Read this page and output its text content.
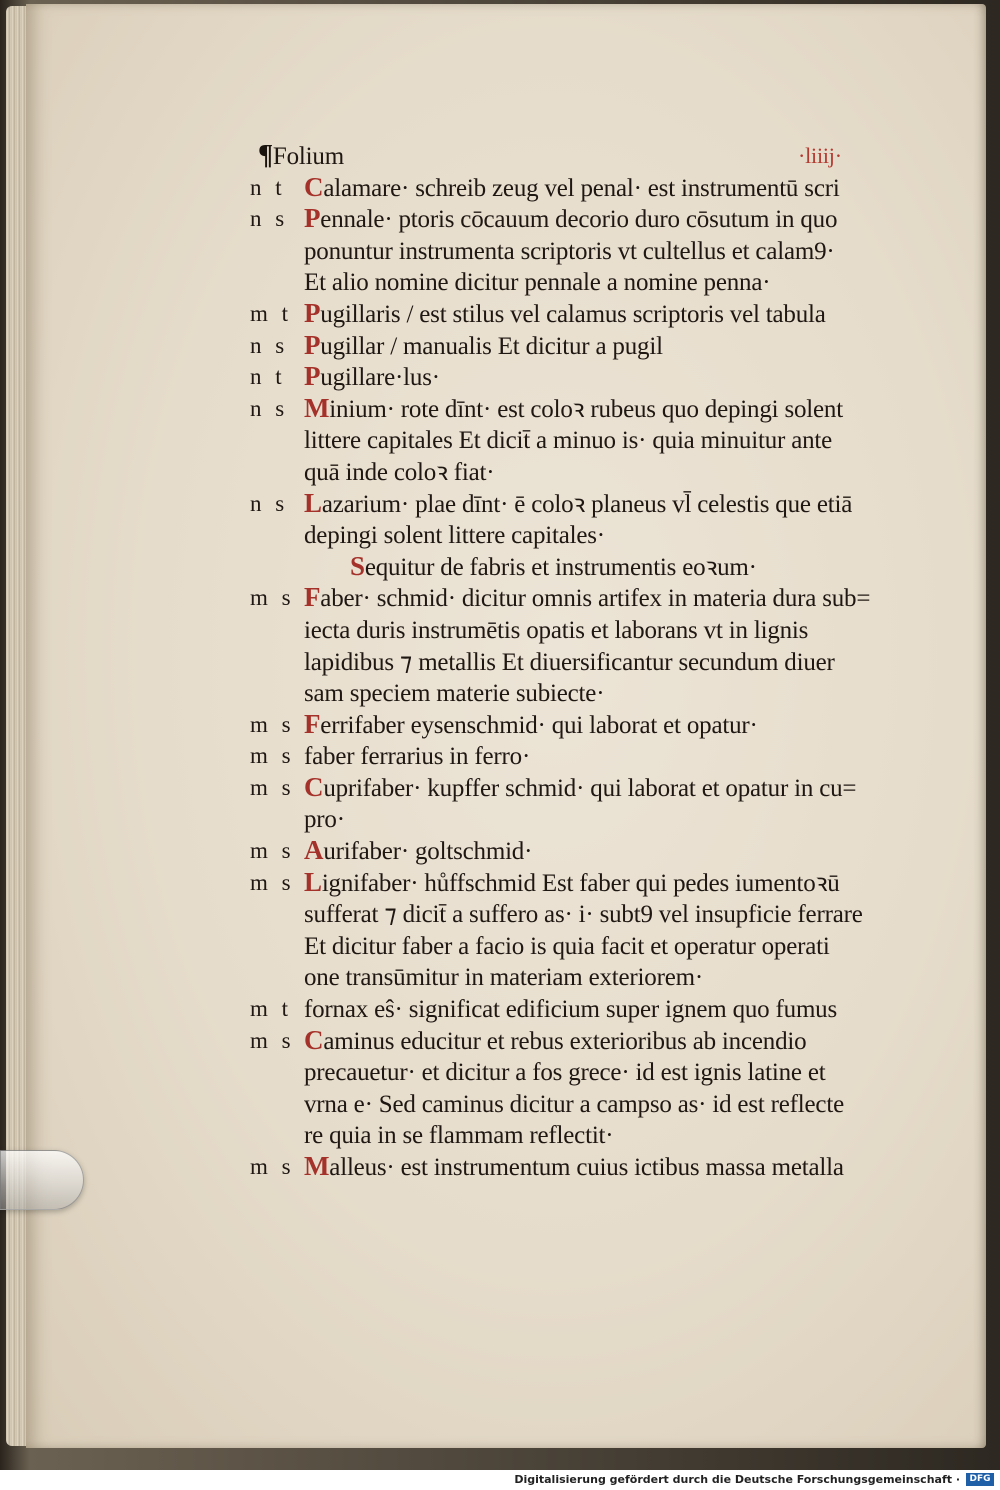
¶Folium	·liiij·
n t Calamare· schreib zeug vel penal· est instrumentū scri
n s Pennale· ptoris cōcauum decorio duro cōsutum in quo
ponuntur instrumenta scriptoris vt cultellus et calam9·
Et alio nomine dicitur pennale a nomine penna·
m t Pugillaris / est stilus vel calamus scriptoris vel tabula
n s Pugillar / manualis Et dicitur a pugil
n t Pugillare·lus·
n s Minium· rote dīnt· est coloꝛ rubeus quo depingi solent
littere capitales Et dicit̄ a minuo is· quia minuitur ante
quā inde coloꝛ fiat·
n s Lazarium· plae dīnt· ē coloꝛ planeus vl̄ celestis que etiā
depingi solent littere capitales·
Sequitur de fabris et instrumentis eoꝛum·
m s Faber· schmid· dicitur omnis artifex in materia dura sub=
iecta duris instrumētis opatis et laborans vt in lignis
lapidibus ⁊ metallis Et diuersificantur secundum diuer
sam speciem materie subiecte·
m s Ferrifaber eysenschmid· qui laborat et opatur·
m s faber ferrarius in ferro·
m s Cuprifaber· kupffer schmid· qui laborat et opatur in cu=
pro·
m s Aurifaber· goltschmid·
m s Lignifaber· hůffschmid Est faber qui pedes iumentoꝛū
sufferat ⁊ dicit̄ a suffero as· i· subt9 vel insupficie ferrare
Et dicitur faber a facio is quia facit et operatur operati
one transūmitur in materiam exteriorem·
m t fornax eŝ· significat edificium super ignem quo fumus
m s Caminus educitur et rebus exterioribus ab incendio
precauetur· et dicitur a fos grece· id est ignis latine et
vrna e· Sed caminus dicitur a campso as· id est reflecte
re quia in se flammam reflectit·
m s Malleus· est instrumentum cuius ictibus massa metalla
Digitalisierung gefördert durch die Deutsche Forschungsgemeinschaft ·	DFG
